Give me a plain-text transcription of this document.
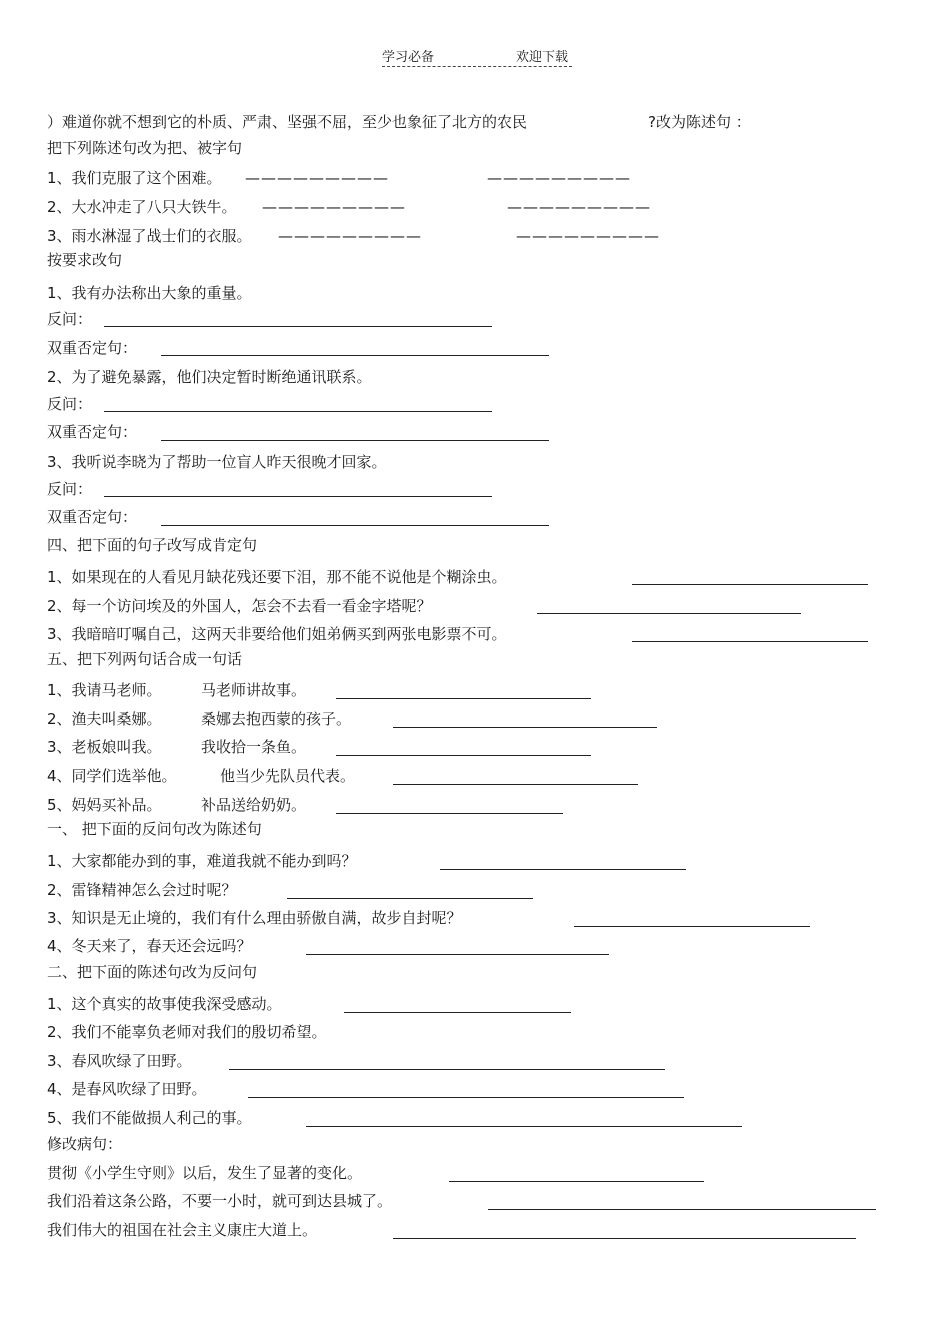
学习必备	欢迎下载
）难道你就不想到它的朴质、严肃、坚强不屈，至少也象征了北方的农民	?改为陈述句 ：
把下列陈述句改为把、被字句
1、我们克服了这个困难。 —————————	—————————
2、大水冲走了八只大铁牛。 —————————	—————————
3、雨水淋湿了战士们的衣服。 —————————	—————————
按要求改句
1、我有办法称出大象的重量。
反问：
双重否定句：
2、为了避免暴露，他们决定暂时断绝通讯联系。
反问：
双重否定句：
3、我听说李晓为了帮助一位盲人昨天很晚才回家。
反问：
双重否定句：
四、把下面的句子改写成肯定句
1、如果现在的人看见月缺花残还要下泪，那不能不说他是个糊涂虫。
2、每一个访问埃及的外国人，怎会不去看一看金字塔呢？
3、我暗暗叮嘱自己，这两天非要给他们姐弟俩买到两张电影票不可。
五、把下列两句话合成一句话
1、我请马老师。	马老师讲故事。
2、渔夫叫桑娜。	桑娜去抱西蒙的孩子。
3、老板娘叫我。	我收拾一条鱼。
4、同学们选举他。	他当少先队员代表。
5、妈妈买补品。	补品送给奶奶。
一、 把下面的反问句改为陈述句
1、大家都能办到的事，难道我就不能办到吗？
2、雷锋精神怎么会过时呢？
3、知识是无止境的，我们有什么理由骄傲自满，故步自封呢？
4、冬天来了，春天还会远吗？
二、把下面的陈述句改为反问句
1、这个真实的故事使我深受感动。
2、我们不能辜负老师对我们的殷切希望。
3、春风吹绿了田野。
4、是春风吹绿了田野。
5、我们不能做损人利己的事。
修改病句：
贯彻《小学生守则》以后，发生了显著的变化。
我们沿着这条公路，不要一小时，就可到达县城了。
我们伟大的祖国在社会主义康庄大道上。
